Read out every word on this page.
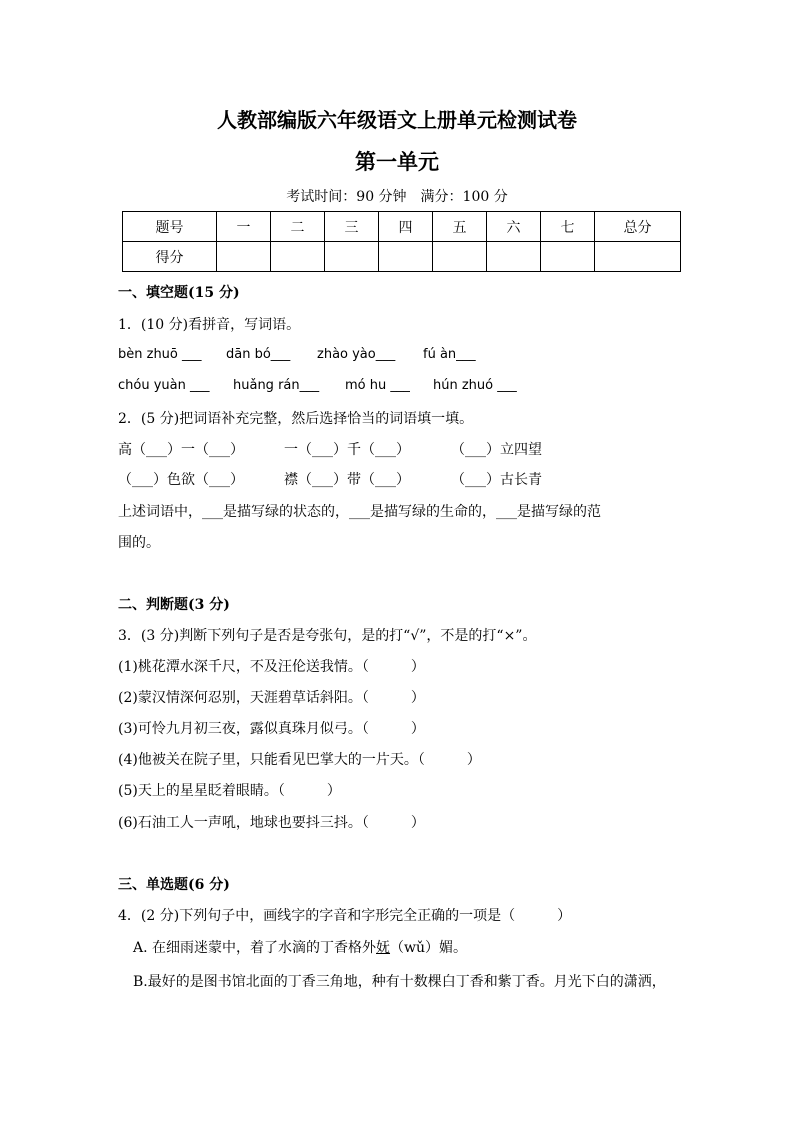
人教部编版六年级语文上册单元检测试卷
第一单元
考试时间：90 分钟　满分：100 分
题号	一	二	三	四	五	六	七	总分
得分								
一、填空题(15 分)
1．(10 分)看拼音，写词语。
bèn zhuō ___ dān bó___ zhào yào___ fú àn___
chóu yuàn ___ huǎng rán___ mó hu ___ hún zhuó ___
2．(5 分)把词语补充完整，然后选择恰当的词语填一填。
高（___）一（___）	一（___）千（___）	（___）立四望
（___）色欲（___）	襟（___）带（___）	（___）古长青
上述词语中，___是描写绿的状态的，___是描写绿的生命的，___是描写绿的范
围的。
二、判断题(3 分)
3．(3 分)判断下列句子是否是夸张句，是的打“√”，不是的打“×”。
(1)桃花潭水深千尺，不及汪伦送我情。（　　　）
(2)蒙汉情深何忍别，天涯碧草话斜阳。（　　　）
(3)可怜九月初三夜，露似真珠月似弓。（　　　）
(4)他被关在院子里，只能看见巴掌大的一片天。（　　　）
(5)天上的星星眨着眼睛。（　　　）
(6)石油工人一声吼，地球也要抖三抖。（　　　）
三、单选题(6 分)
4．(2 分)下列句子中，画线字的字音和字形完全正确的一项是（　　　）
A. 在细雨迷蒙中，着了水滴的丁香格外妩（wǔ）媚。
B.最好的是图书馆北面的丁香三角地，种有十数棵白丁香和紫丁香。月光下白的潇洒，
